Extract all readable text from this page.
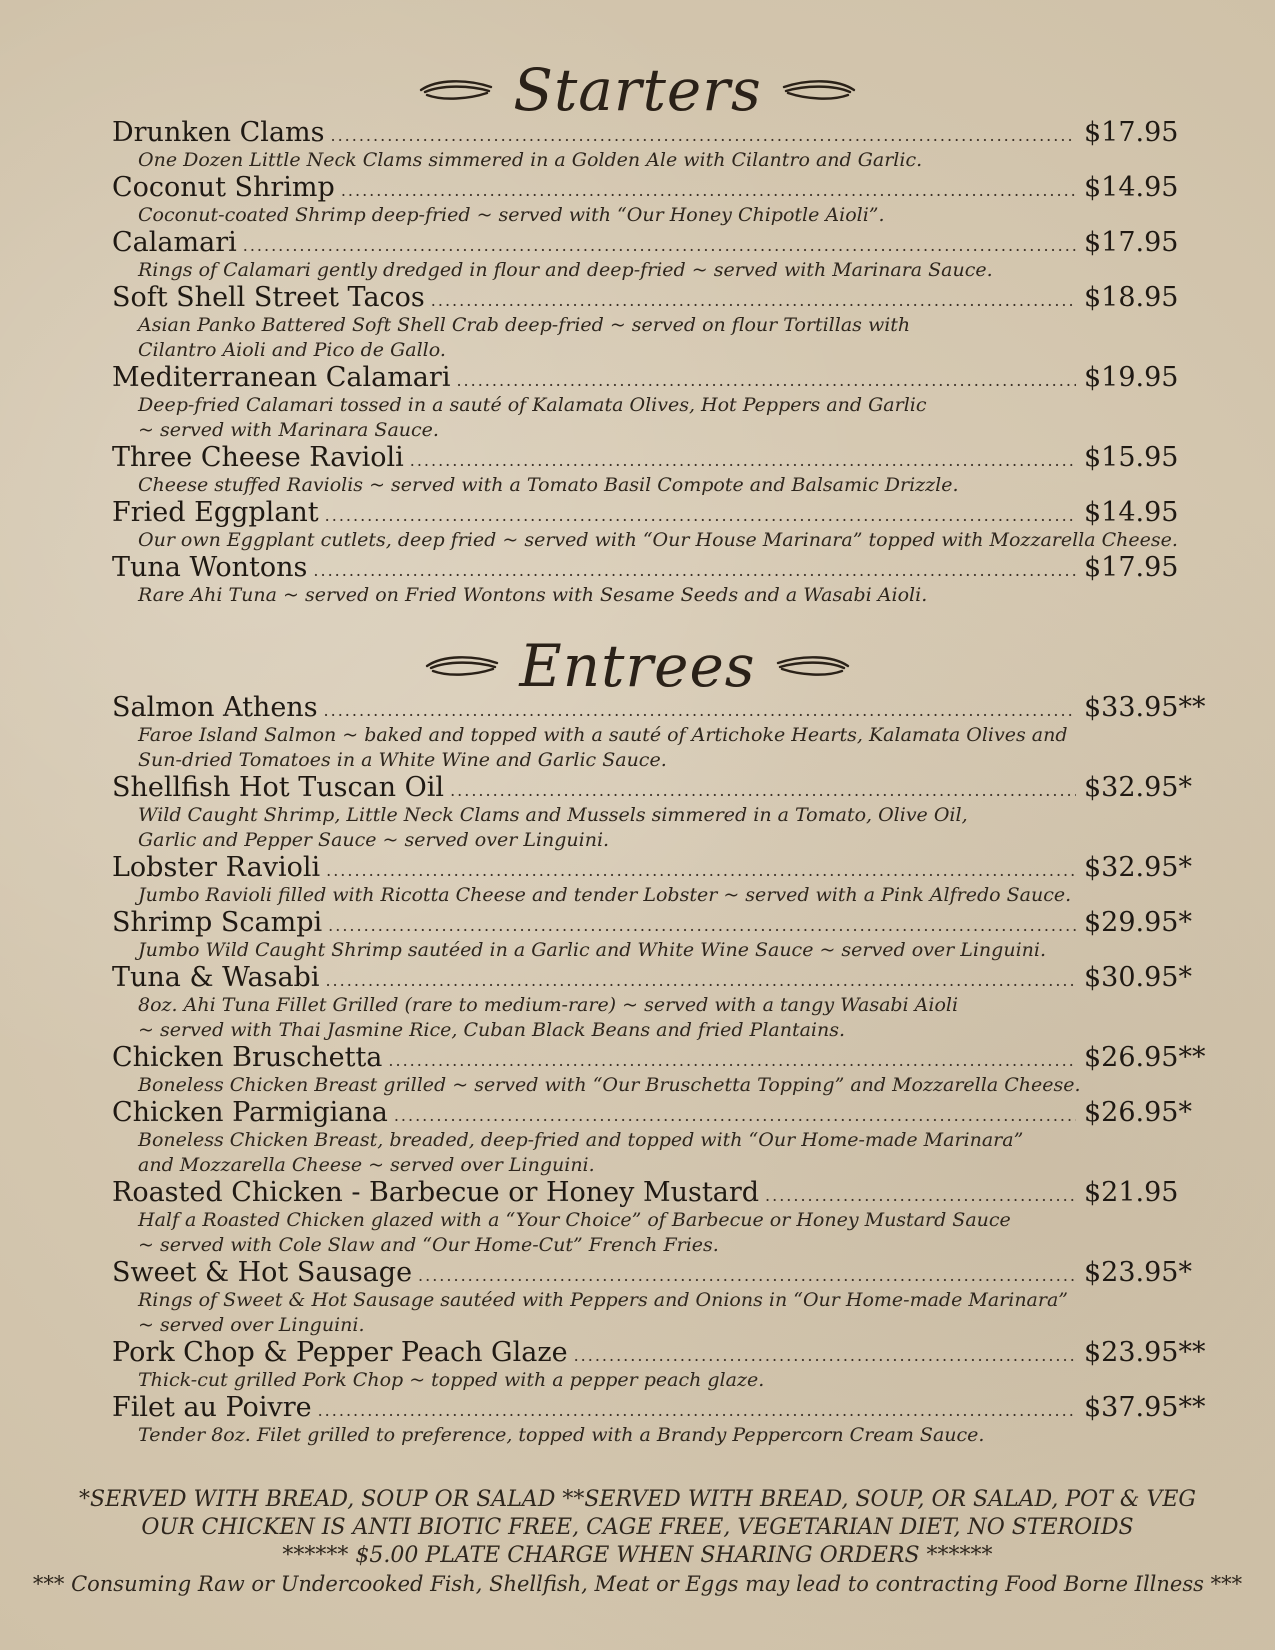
Starters
Drunken Clams .....	$17.95
One Dozen Little Neck Clams simmered in a Golden Ale with Cilantro and Garlic.
Coconut Shrimp .....	$14.95
Coconut-coated Shrimp deep-fried ~ served with “Our Honey Chipotle Aioli”.
Calamari .....	$17.95
Rings of Calamari gently dredged in flour and deep-fried ~ served with Marinara Sauce.
Soft Shell Street Tacos .....	$18.95
Asian Panko Battered Soft Shell Crab deep-fried ~ served on flour Tortillas with
Cilantro Aioli and Pico de Gallo.
Mediterranean Calamari .....	$19.95
Deep-fried Calamari tossed in a sauté of Kalamata Olives, Hot Peppers and Garlic
~ served with Marinara Sauce.
Three Cheese Ravioli .....	$15.95
Cheese stuffed Raviolis ~ served with a Tomato Basil Compote and Balsamic Drizzle.
Fried Eggplant .....	$14.95
Our own Eggplant cutlets, deep fried ~ served with “Our House Marinara” topped with Mozzarella Cheese.
Tuna Wontons .....	$17.95
Rare Ahi Tuna ~ served on Fried Wontons with Sesame Seeds and a Wasabi Aioli.
Entrees
Salmon Athens .....	$33.95**
Faroe Island Salmon ~ baked and topped with a sauté of Artichoke Hearts, Kalamata Olives and
Sun-dried Tomatoes in a White Wine and Garlic Sauce.
Shellfish Hot Tuscan Oil .....	$32.95*
Wild Caught Shrimp, Little Neck Clams and Mussels simmered in a Tomato, Olive Oil,
Garlic and Pepper Sauce ~ served over Linguini.
Lobster Ravioli .....	$32.95*
Jumbo Ravioli filled with Ricotta Cheese and tender Lobster ~ served with a Pink Alfredo Sauce.
Shrimp Scampi .....	$29.95*
Jumbo Wild Caught Shrimp sautéed in a Garlic and White Wine Sauce ~ served over Linguini.
Tuna & Wasabi .....	$30.95*
8oz. Ahi Tuna Fillet Grilled (rare to medium-rare) ~ served with a tangy Wasabi Aioli
~ served with Thai Jasmine Rice, Cuban Black Beans and fried Plantains.
Chicken Bruschetta .....	$26.95**
Boneless Chicken Breast grilled ~ served with “Our Bruschetta Topping” and Mozzarella Cheese.
Chicken Parmigiana .....	$26.95*
Boneless Chicken Breast, breaded, deep-fried and topped with “Our Home-made Marinara”
and Mozzarella Cheese ~ served over Linguini.
Roasted Chicken - Barbecue or Honey Mustard .....	$21.95
Half a Roasted Chicken glazed with a “Your Choice” of Barbecue or Honey Mustard Sauce
~ served with Cole Slaw and “Our Home-Cut” French Fries.
Sweet & Hot Sausage .....	$23.95*
Rings of Sweet & Hot Sausage sautéed with Peppers and Onions in “Our Home-made Marinara”
~ served over Linguini.
Pork Chop & Pepper Peach Glaze .....	$23.95**
Thick-cut grilled Pork Chop ~ topped with a pepper peach glaze.
Filet au Poivre .....	$37.95**
Tender 8oz. Filet grilled to preference, topped with a Brandy Peppercorn Cream Sauce.
*SERVED WITH BREAD, SOUP OR SALAD **SERVED WITH BREAD, SOUP, OR SALAD, POT & VEG
OUR CHICKEN IS ANTI BIOTIC FREE, CAGE FREE, VEGETARIAN DIET, NO STEROIDS
****** $5.00 PLATE CHARGE WHEN SHARING ORDERS ******
*** Consuming Raw or Undercooked Fish, Shellfish, Meat or Eggs may lead to contracting Food Borne Illness ***
